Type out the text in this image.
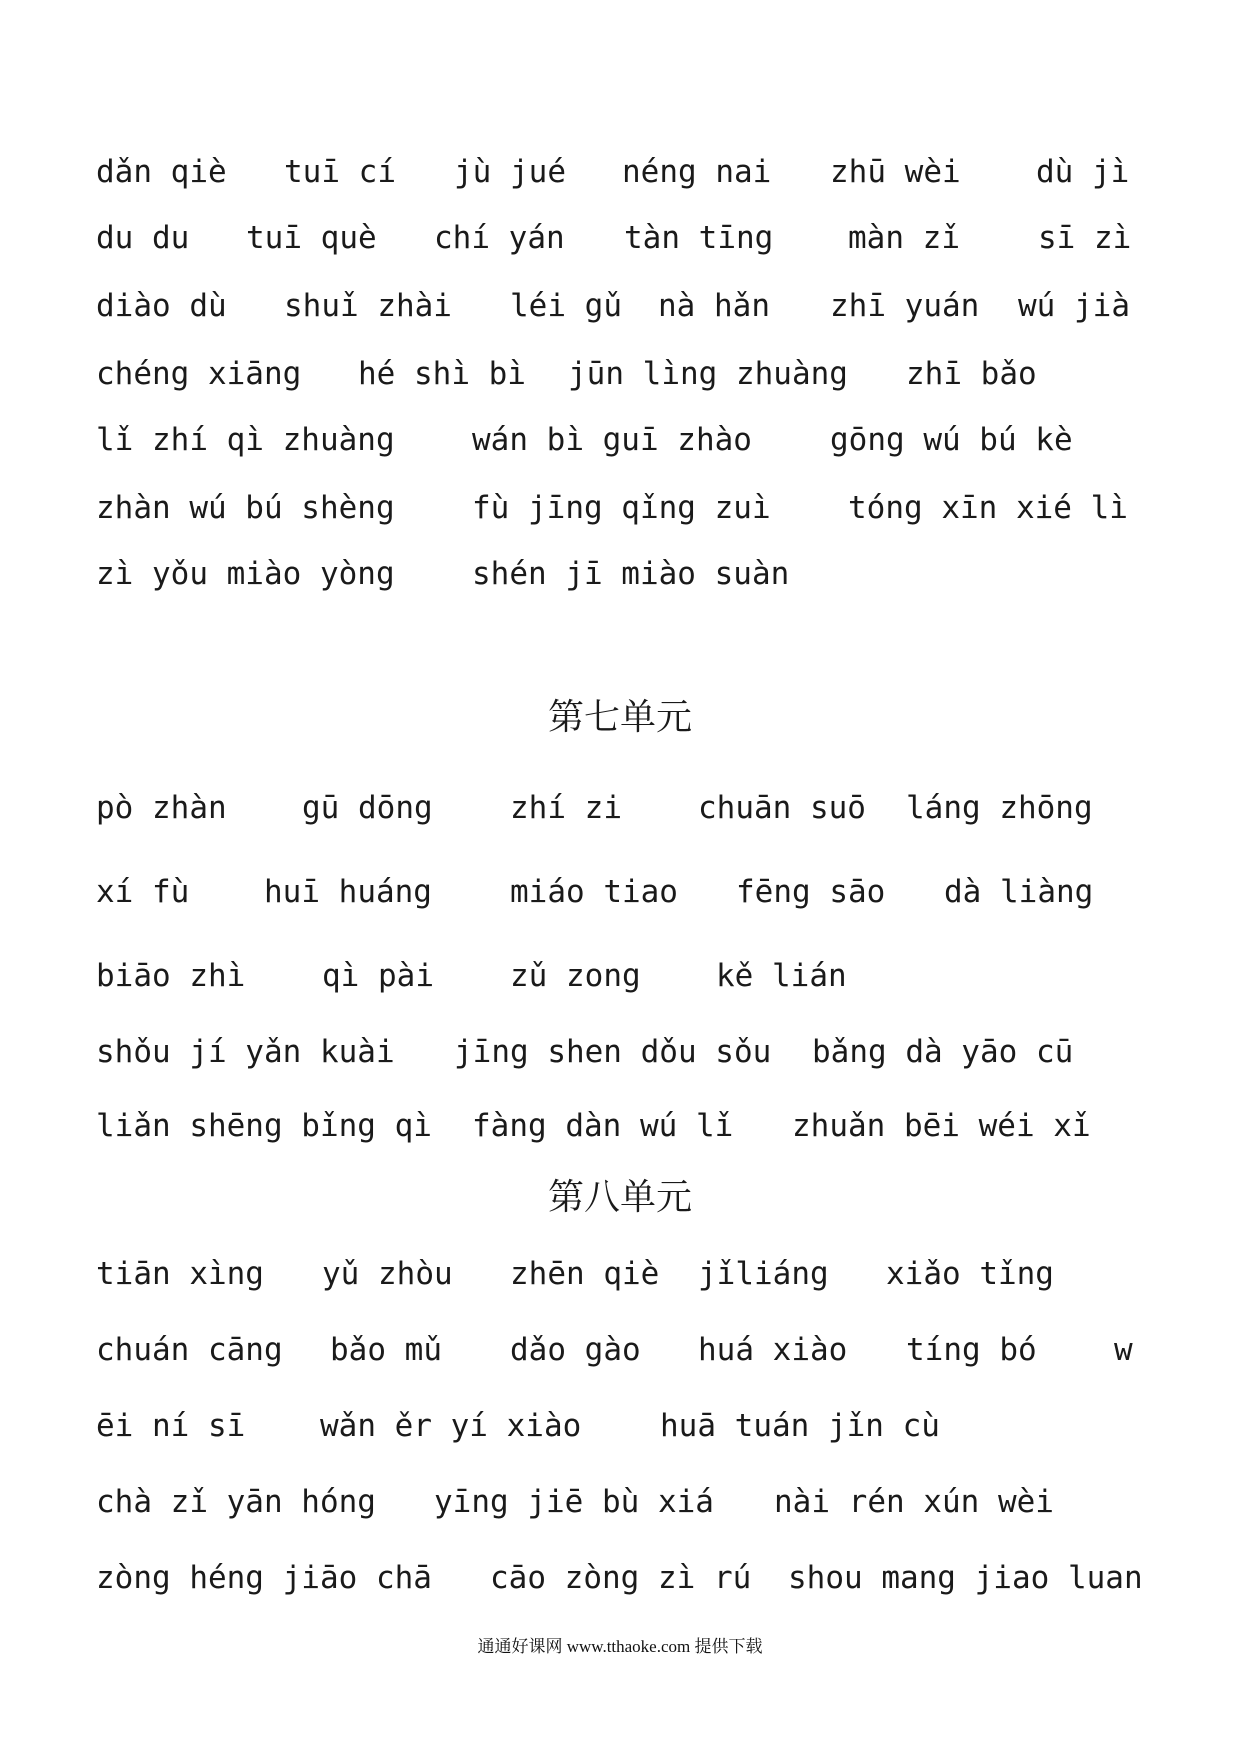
dǎn qiè tuī cí jù jué néng nai zhū wèi dù jì
du du tuī què chí yán tàn tīng màn zǐ	sī zì
diào dù shuǐ zhài léi gǔ nà hǎn zhī yuán wú jià
chéng xiāng hé shì bì jūn lìng zhuàng zhī bǎo
lǐ zhí qì zhuàng wán bì guī zhào	gōng wú bú kè
zhàn wú bú shèng fù jīng qǐng zuì tóng xīn xié lì
zì yǒu miào yòng shén jī miào suàn
第七单元
pò zhàn gū dōng zhí zi chuān suō láng zhōng
xí fù huī huáng	miáo tiao fēng sāo dà liàng
biāo zhì qì pài zǔ zong kě lián
shǒu jí yǎn kuài jīng shen dǒu sǒu bǎng dà yāo cū
liǎn shēng bǐng qì fàng dàn wú lǐ zhuǎn bēi wéi xǐ
第八单元
tiān xìng yǔ zhòu zhēn qiè jǐliáng xiǎo tǐng
chuán cāng bǎo mǔ dǎo gào huá xiào tíng bó w
ēi ní sī wǎn ěr yí xiào	huā tuán jǐn cù
chà zǐ yān hóng yīng jiē bù xiá nài rén xún wèi
zòng héng jiāo chā cāo zòng zì rú shou mang jiao luan
通通好课网 www.tthaoke.com 提供下载
